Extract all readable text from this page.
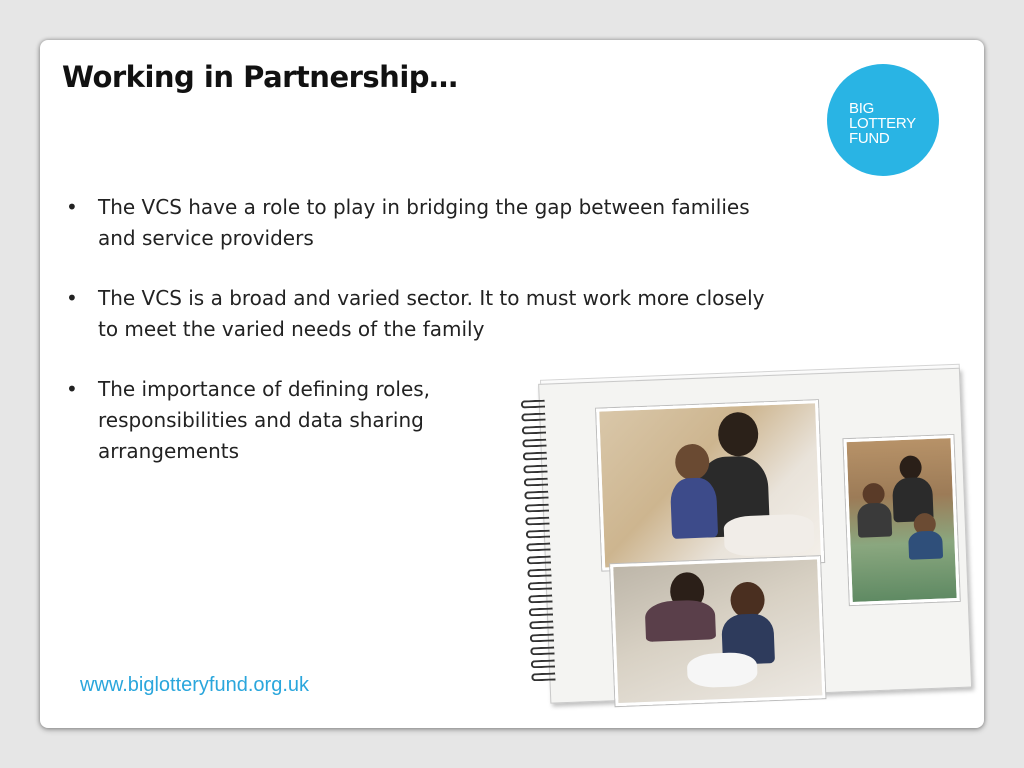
Working in Partnership…
BIG
LOTTERY
FUND
• The VCS have a role to play in bridging the gap between families and service providers
• The VCS is a broad and varied sector. It to must work more closely to meet the varied needs of the family
• The importance of defining roles, responsibilities and data sharing arrangements
www.biglotteryfund.org.uk
